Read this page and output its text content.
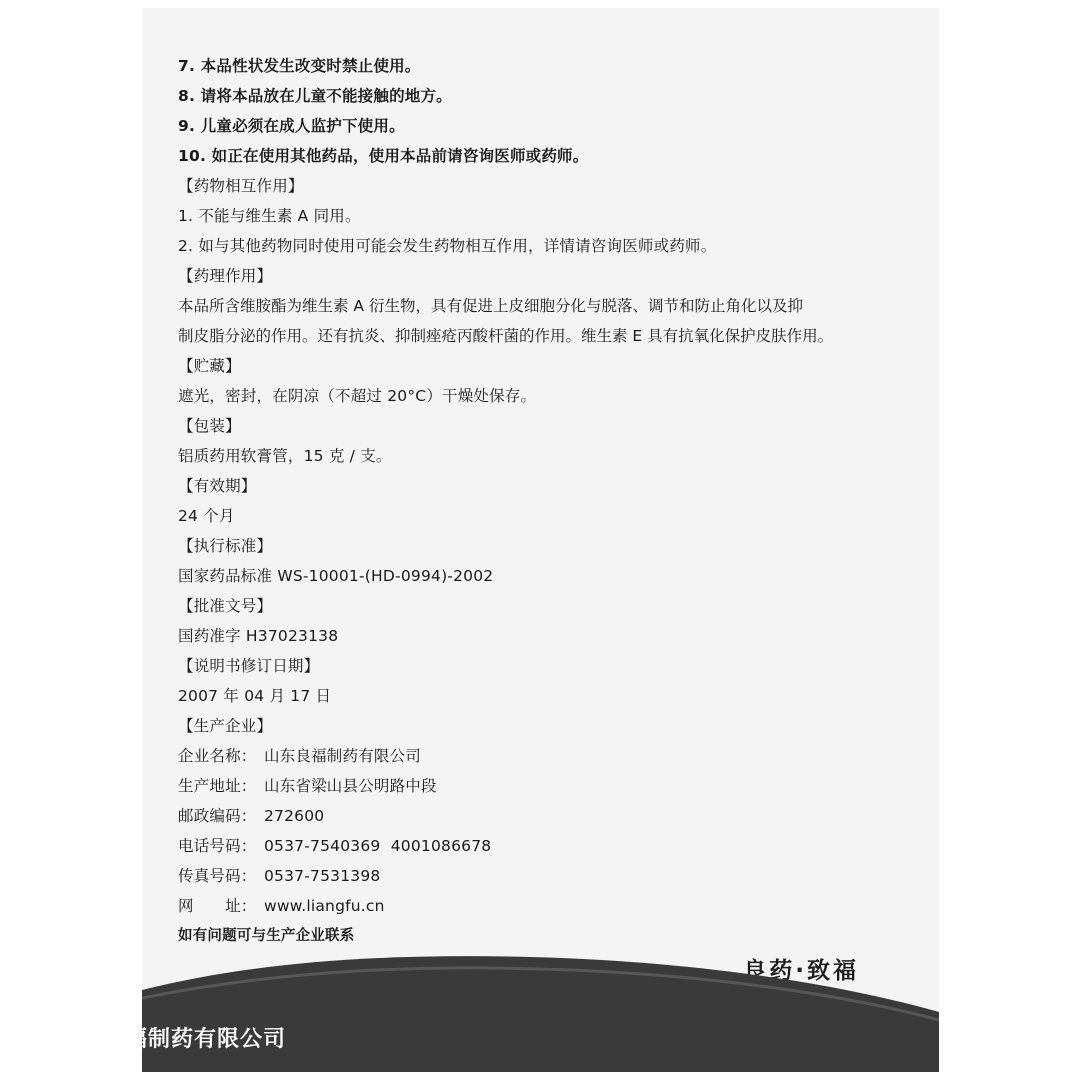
7. 本品性状发生改变时禁止使用。
8. 请将本品放在儿童不能接触的地方。
9. 儿童必须在成人监护下使用。
10. 如正在使用其他药品，使用本品前请咨询医师或药师。
【药物相互作用】
1. 不能与维生素 A 同用。
2. 如与其他药物同时使用可能会发生药物相互作用，详情请咨询医师或药师。
【药理作用】
本品所含维胺酯为维生素 A 衍生物，具有促进上皮细胞分化与脱落、调节和防止角化以及抑
制皮脂分泌的作用。还有抗炎、抑制痤疮丙酸杆菌的作用。维生素 E 具有抗氧化保护皮肤作用。
【贮藏】
遮光，密封，在阴凉（不超过 20°C）干燥处保存。
【包装】
铝质药用软膏管，15 克 / 支。
【有效期】
24 个月
【执行标准】
国家药品标准 WS-10001-(HD-0994)-2002
【批准文号】
国药准字 H37023138
【说明书修订日期】
2007 年 04 月 17 日
【生产企业】
企业名称： 山东良福制药有限公司
生产地址： 山东省梁山县公明路中段
邮政编码： 272600
电话号码： 0537-7540369  4001086678
传真号码： 0537-7531398
网　　址： www.liangfu.cn
如有问题可与生产企业联系
良药·致福
山东良福制药有限公司
